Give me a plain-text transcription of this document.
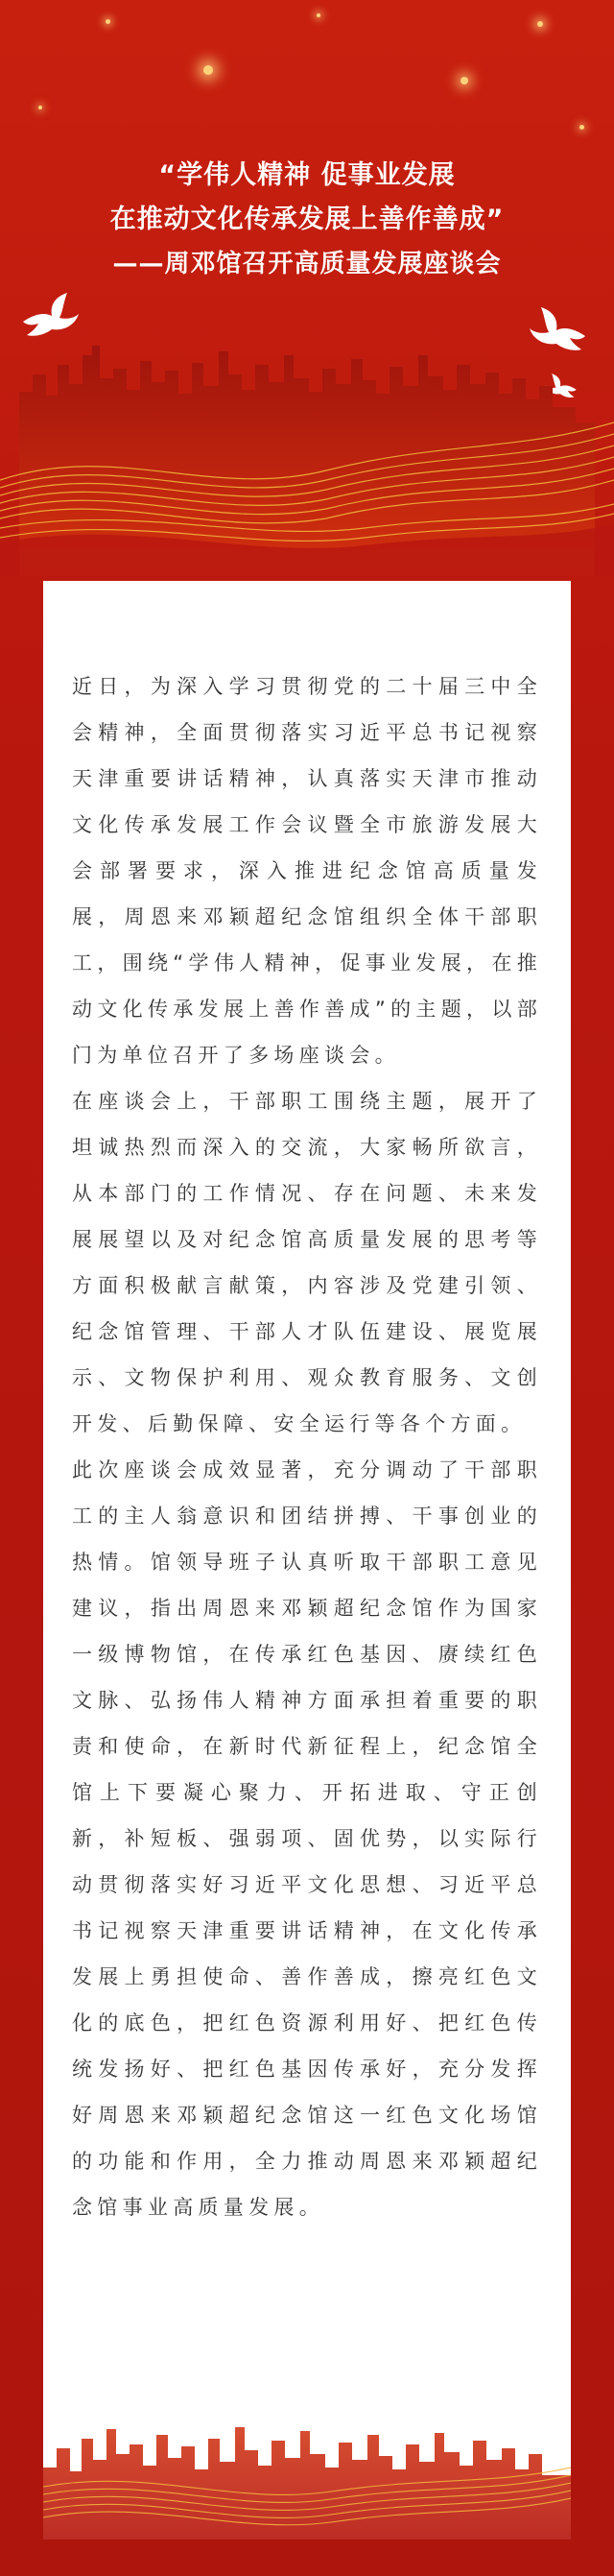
“学伟人精神 促事业发展
在推动文化传承发展上善作善成”
——周邓馆召开高质量发展座谈会

近日，为深入学习贯彻党的二十届三中全会精神，全面贯彻落实习近平总书记视察天津重要讲话精神，认真落实天津市推动文化传承发展工作会议暨全市旅游发展大会部署要求，深入推进纪念馆高质量发展，周恩来邓颖超纪念馆组织全体干部职工，围绕“学伟人精神，促事业发展，在推动文化传承发展上善作善成”的主题，以部门为单位召开了多场座谈会。

在座谈会上，干部职工围绕主题，展开了坦诚热烈而深入的交流，大家畅所欲言，从本部门的工作情况、存在问题、未来发展展望以及对纪念馆高质量发展的思考等方面积极献言献策，内容涉及党建引领、纪念馆管理、干部人才队伍建设、展览展示、文物保护利用、观众教育服务、文创开发、后勤保障、安全运行等各个方面。

此次座谈会成效显著，充分调动了干部职工的主人翁意识和团结拼搏、干事创业的热情。馆领导班子认真听取干部职工意见建议，指出周恩来邓颖超纪念馆作为国家一级博物馆，在传承红色基因、赓续红色文脉、弘扬伟人精神方面承担着重要的职责和使命，在新时代新征程上，纪念馆全馆上下要凝心聚力、开拓进取、守正创新，补短板、强弱项、固优势，以实际行动贯彻落实好习近平文化思想、习近平总书记视察天津重要讲话精神，在文化传承发展上勇担使命、善作善成，擦亮红色文化的底色，把红色资源利用好、把红色传统发扬好、把红色基因传承好，充分发挥好周恩来邓颖超纪念馆这一红色文化场馆的功能和作用，全力推动周恩来邓颖超纪念馆事业高质量发展。
